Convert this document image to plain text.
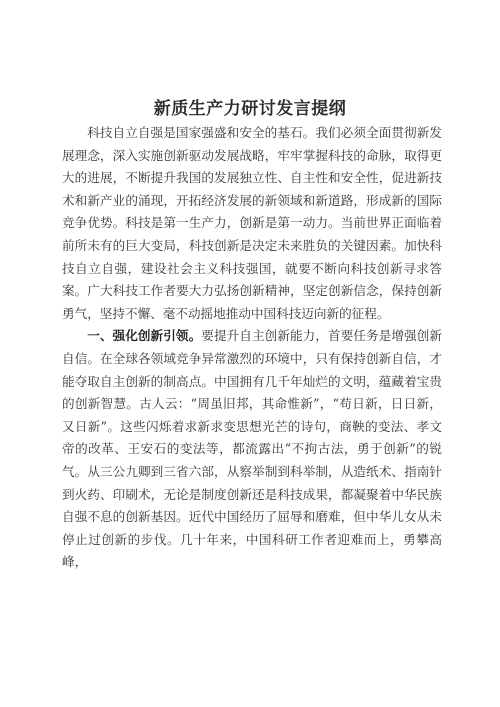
新质生产力研讨发言提纲

科技自立自强是国家强盛和安全的基石。我们必须全面贯彻新发展理念，深入实施创新驱动发展战略，牢牢掌握科技的命脉，取得更大的进展，不断提升我国的发展独立性、自主性和安全性，促进新技术和新产业的涌现，开拓经济发展的新领域和新道路，形成新的国际竞争优势。科技是第一生产力，创新是第一动力。当前世界正面临着前所未有的巨大变局，科技创新是决定未来胜负的关键因素。加快科技自立自强，建设社会主义科技强国，就要不断向科技创新寻求答案。广大科技工作者要大力弘扬创新精神，坚定创新信念，保持创新勇气，坚持不懈、毫不动摇地推动中国科技迈向新的征程。

一、强化创新引领。要提升自主创新能力，首要任务是增强创新自信。在全球各领域竞争异常激烈的环境中，只有保持创新自信，才能夺取自主创新的制高点。中国拥有几千年灿烂的文明，蕴藏着宝贵的创新智慧。古人云：“周虽旧邦，其命惟新”，“苟日新，日日新，又日新”。这些闪烁着求新求变思想光芒的诗句，商鞅的变法、孝文帝的改革、王安石的变法等，都流露出“不拘古法，勇于创新”的锐气。从三公九卿到三省六部，从察举制到科举制，从造纸术、指南针到火药、印刷术，无论是制度创新还是科技成果，都凝聚着中华民族自强不息的创新基因。近代中国经历了屈辱和磨难，但中华儿女从未停止过创新的步伐。几十年来，中国科研工作者迎难而上，勇攀高峰，
